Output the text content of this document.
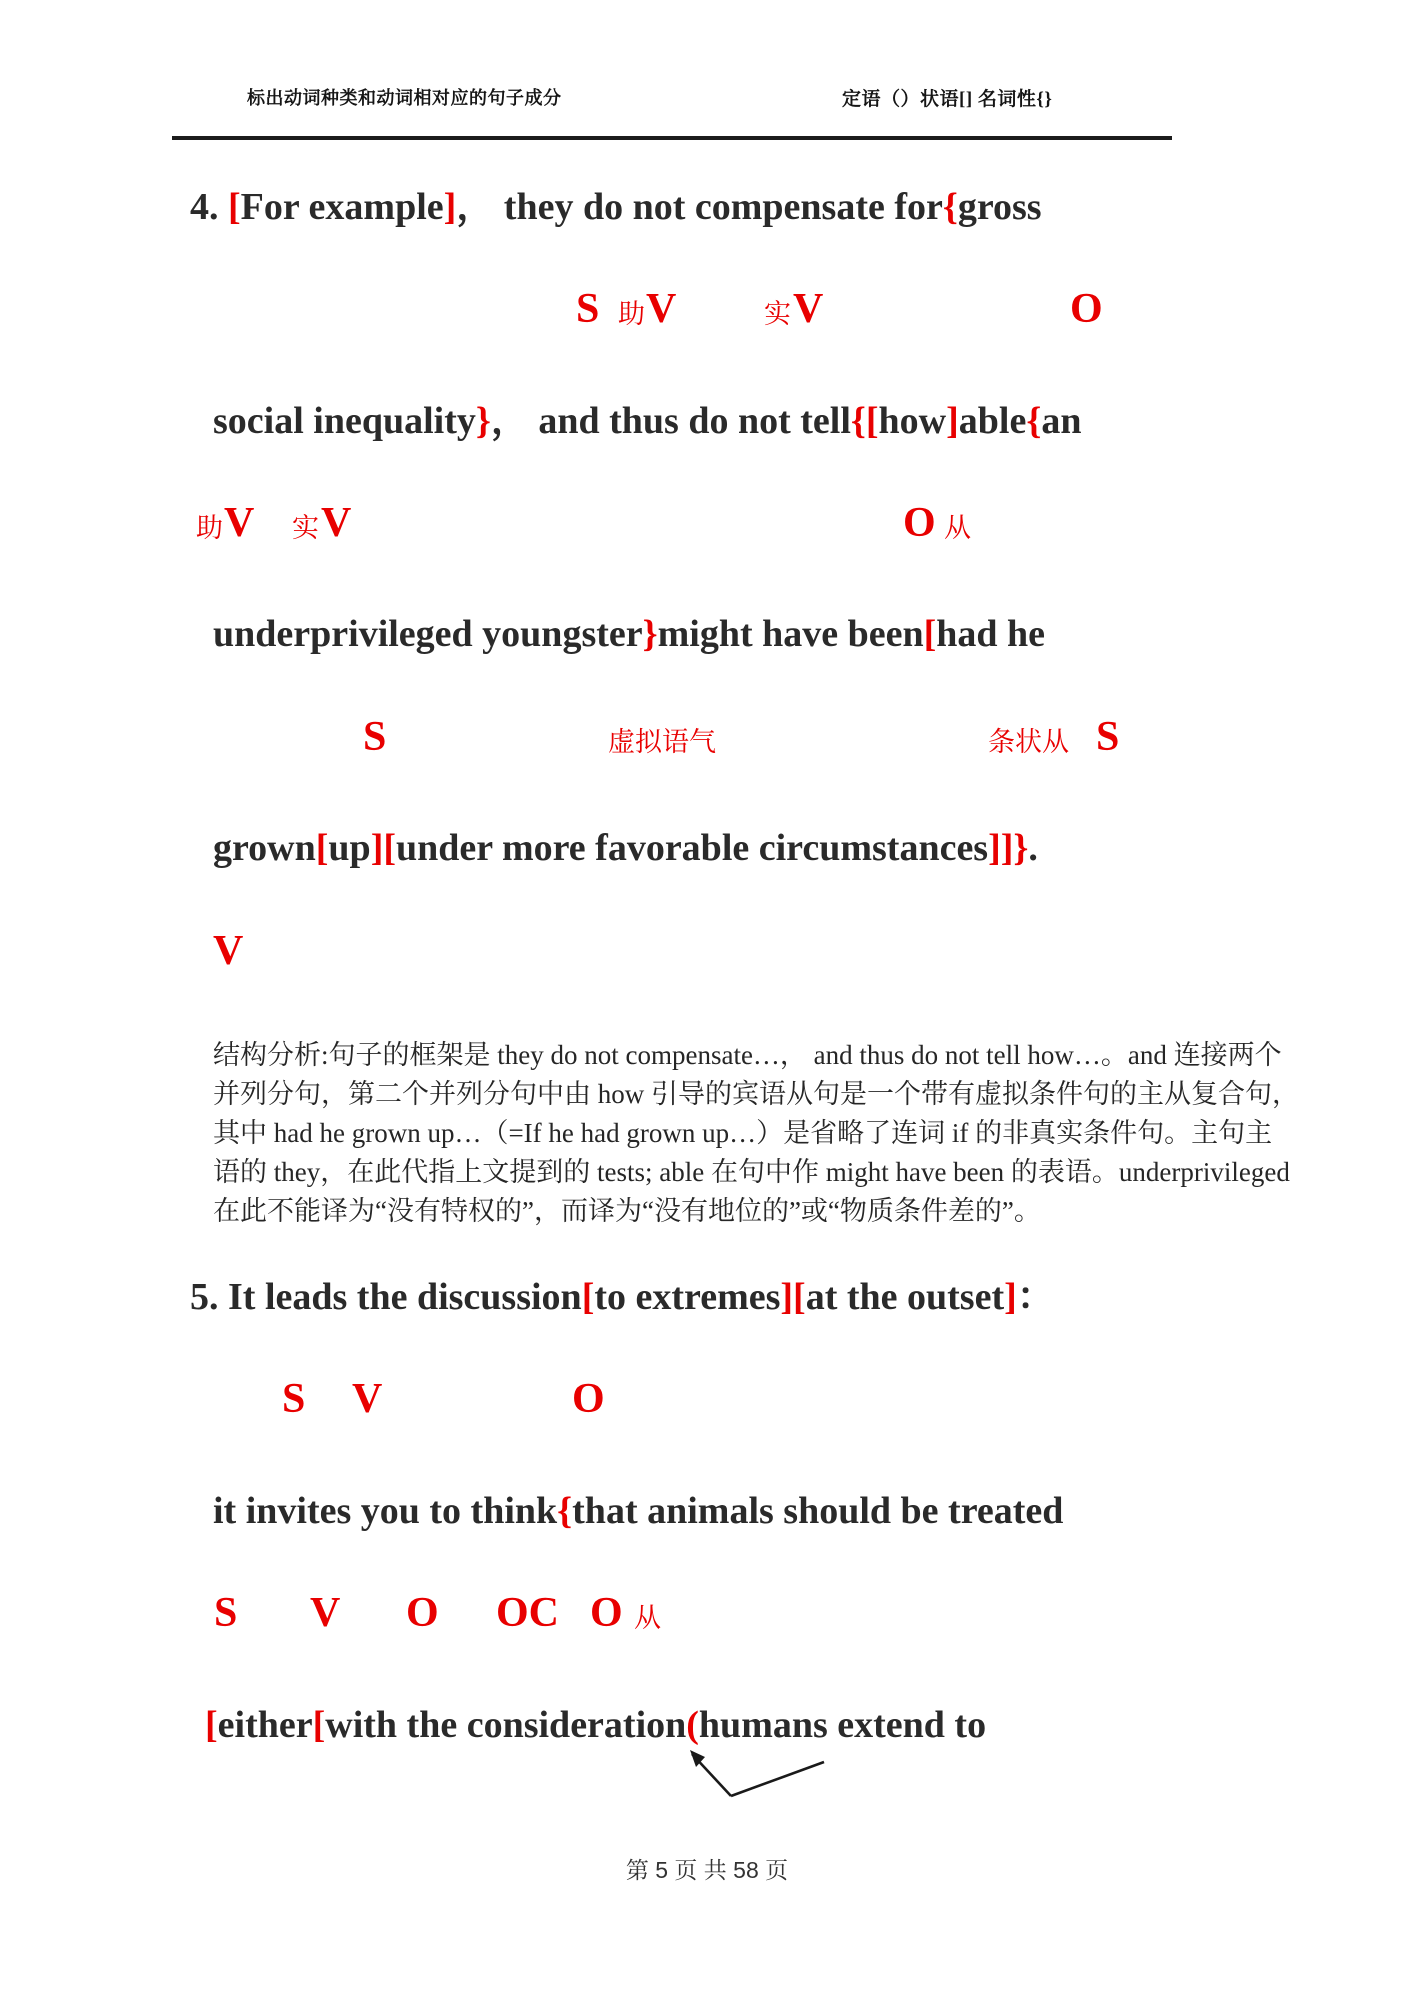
标出动词种类和动词相对应的句子成分	定语（）状语[] 名词性{}
4. [For example]， they do not compensate for{gross
S 助 V	实 V	O
social inequality}， and thus do not tell{[how]able{an
助 V 实 V	O 从
underprivileged youngster}might have been[had he
S	虚拟语气	条状从 S
grown[up][under more favorable circumstances]]}.
V
5. It leads the discussion[to extremes][at the outset]：
S V	O
it invites you to think{that animals should be treated
S V O OC O 从
[either[with the consideration(humans extend to
结构分析:句子的框架是 they do not compensate…， and thus do not tell how…。and 连接两个
并列分句，第二个并列分句中由 how 引导的宾语从句是一个带有虚拟条件句的主从复合句，
其中 had he grown up…（=If he had grown up…）是省略了连词 if 的非真实条件句。主句主
语的 they，在此代指上文提到的 tests; able 在句中作 might have been 的表语。underprivileged
在此不能译为“没有特权的”，而译为“没有地位的”或“物质条件差的”。
第 5 页 共 58 页
